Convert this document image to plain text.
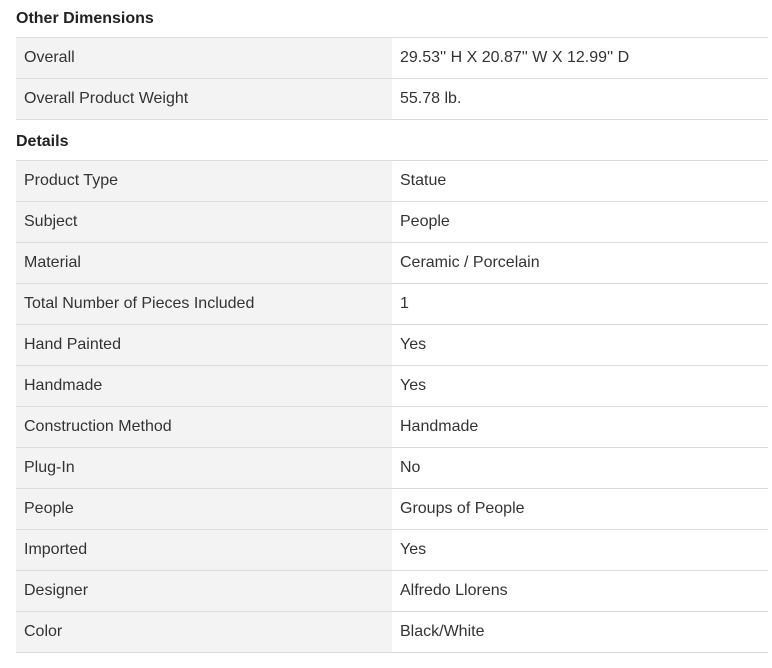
Other Dimensions
Overall	29.53'' H X 20.87'' W X 12.99'' D
Overall Product Weight	55.78 lb.
Details
Product Type	Statue
Subject	People
Material	Ceramic / Porcelain
Total Number of Pieces Included	1
Hand Painted	Yes
Handmade	Yes
Construction Method	Handmade
Plug-In	No
People	Groups of People
Imported	Yes
Designer	Alfredo Llorens
Color	Black/White
